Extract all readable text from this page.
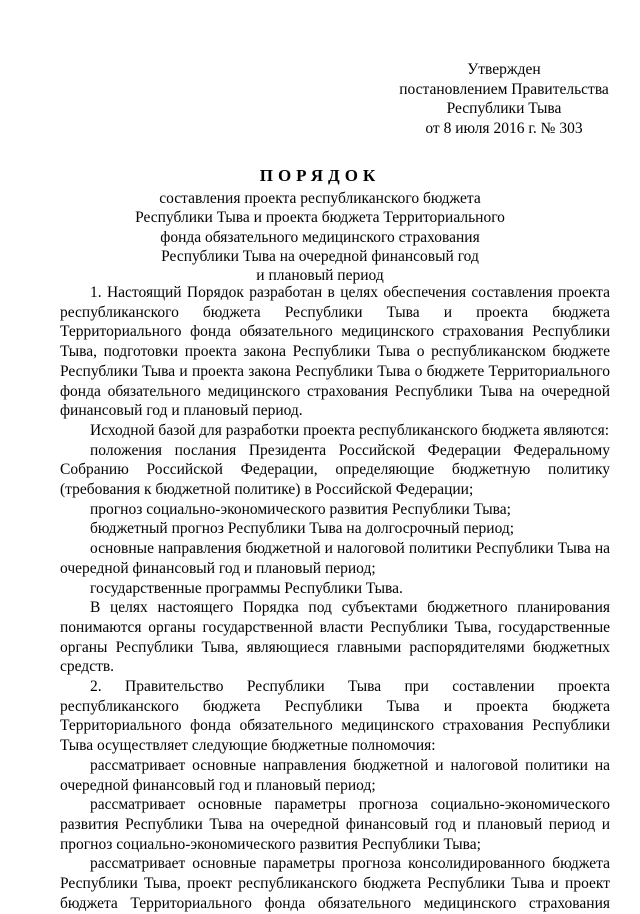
Утвержден
постановлением Правительства
Республики Тыва
от 8 июля 2016 г. № 303
ПОРЯДОК
составления проекта республиканского бюджета
Республики Тыва и проекта бюджета Территориального
фонда обязательного медицинского страхования
Республики Тыва на очередной финансовый год
и плановый период

1. Настоящий Порядок разработан в целях обеспечения составления проекта республиканского бюджета Республики Тыва и проекта бюджета Территориального фонда обязательного медицинского страхования Республики Тыва, подготовки проекта закона Республики Тыва о республиканском бюджете Республики Тыва и проекта закона Республики Тыва о бюджете Территориального фонда обязательного медицинского страхования Республики Тыва на очередной финансовый год и плановый период.

Исходной базой для разработки проекта республиканского бюджета являются:

положения послания Президента Российской Федерации Федеральному Собранию Российской Федерации, определяющие бюджетную политику (требования к бюджетной политике) в Российской Федерации;

прогноз социально-экономического развития Республики Тыва;

бюджетный прогноз Республики Тыва на долгосрочный период;

основные направления бюджетной и налоговой политики Республики Тыва на очередной финансовый год и плановый период;

государственные программы Республики Тыва.

В целях настоящего Порядка под субъектами бюджетного планирования понимаются органы государственной власти Республики Тыва, государственные органы Республики Тыва, являющиеся главными распорядителями бюджетных средств.

2. Правительство Республики Тыва при составлении проекта республиканского бюджета Республики Тыва и проекта бюджета Территориального фонда обязательного медицинского страхования Республики Тыва осуществляет следующие бюджетные полномочия:

рассматривает основные направления бюджетной и налоговой политики на очередной финансовый год и плановый период;

рассматривает основные параметры прогноза социально-экономического развития Республики Тыва на очередной финансовый год и плановый период и прогноз социально-экономического развития Республики Тыва;

рассматривает основные параметры прогноза консолидированного бюджета Республики Тыва, проект республиканского бюджета Республики Тыва и проект бюджета Территориального фонда обязательного медицинского страхования
